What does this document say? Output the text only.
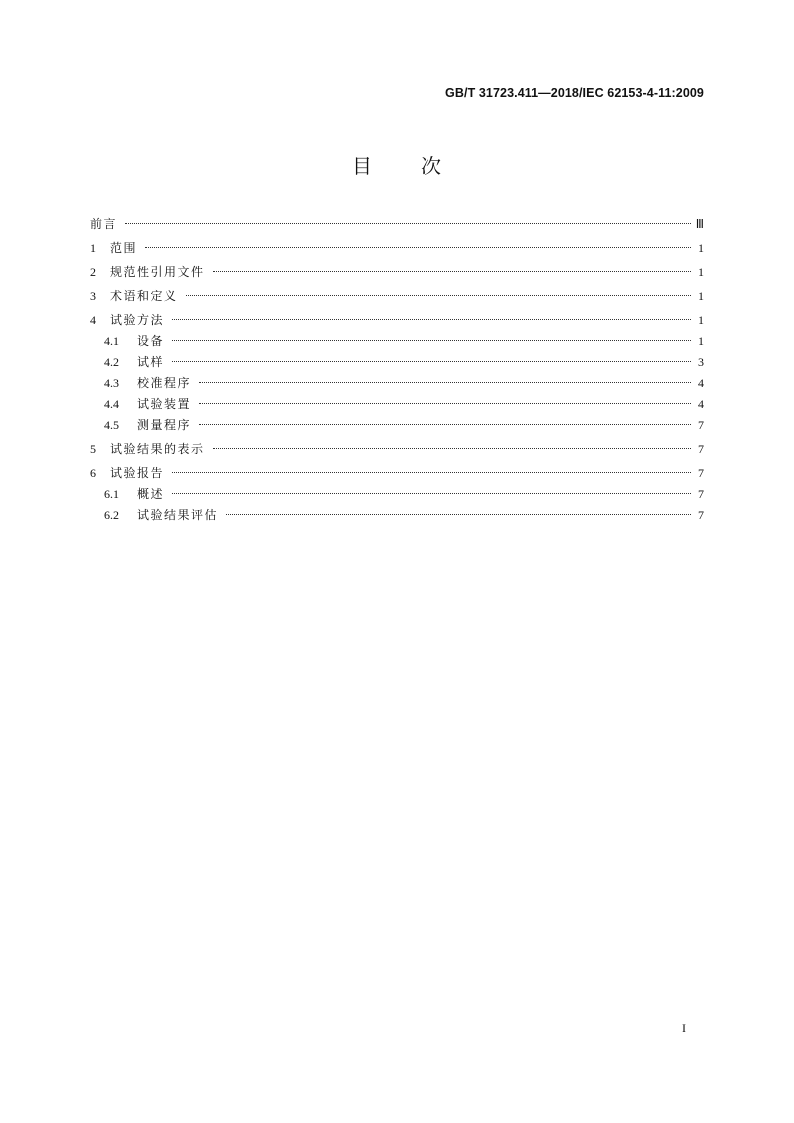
GB/T 31723.411—2018/IEC 62153-4-11:2009
目 次
前言	Ⅲ
1	范围	1
2	规范性引用文件	1
3	术语和定义	1
4	试验方法	1
4.1	设备	1
4.2	试样	3
4.3	校准程序	4
4.4	试验装置	4
4.5	测量程序	7
5	试验结果的表示	7
6	试验报告	7
6.1	概述	7
6.2	试验结果评估	7
I
